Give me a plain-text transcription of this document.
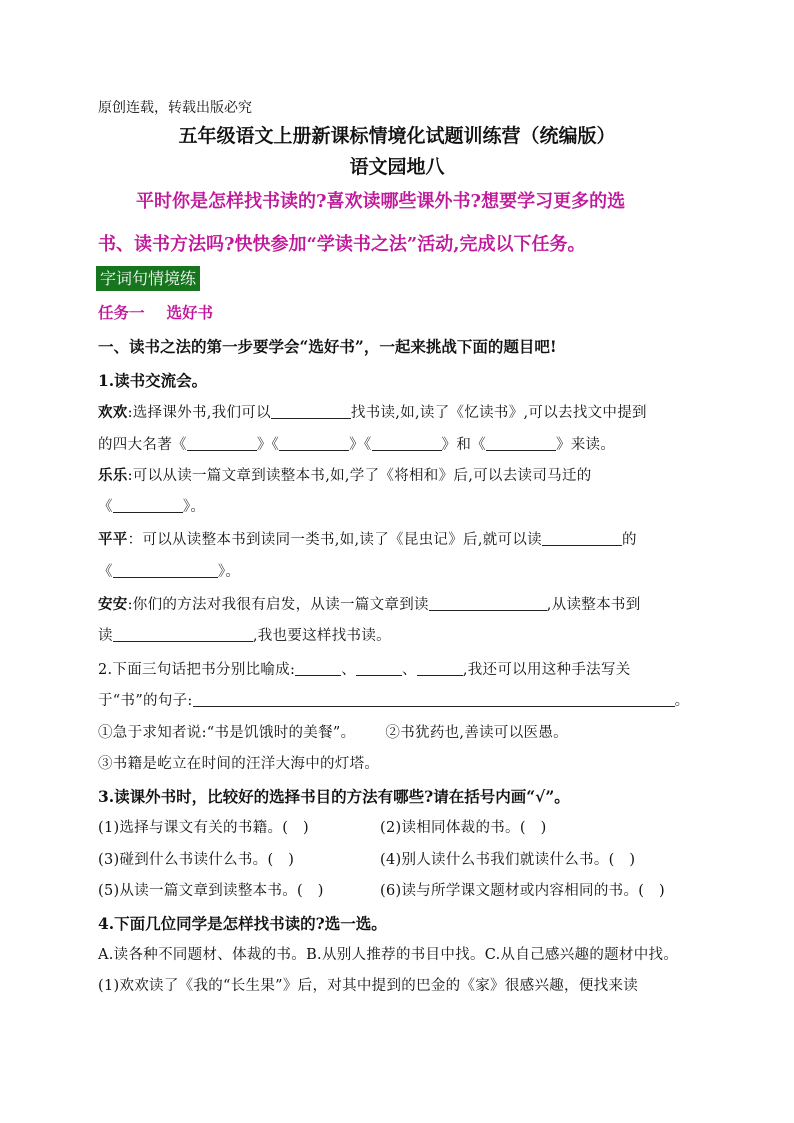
原创连载，转载出版必究
五年级语文上册新课标情境化试题训练营（统编版）
语文园地八
平时你是怎样找书读的?喜欢读哪些课外书?想要学习更多的选
书、读书方法吗?快快参加“学读书之法”活动,完成以下任务。
字词句情境练
任务一 选好书
一、读书之法的第一步要学会“选好书”，一起来挑战下面的题目吧!
1.读书交流会。
欢欢:选择课外书,我们可以	找书读,如,读了《忆读书》,可以去找文中提到
的四大名著《	》《	》《	》和《	》来读。
乐乐:可以从读一篇文章到读整本书,如,学了《将相和》后,可以去读司马迁的
《	》。
平平：可以从读整本书到读同一类书,如,读了《昆虫记》后,就可以读	的
《	》。
安安:你们的方法对我很有启发，从读一篇文章到读	,从读整本书到
读	,我也要这样找书读。
2.下面三句话把书分别比喻成:	、	、	,我还可以用这种手法写关
于“书”的句子:	。
①急于求知者说:“书是饥饿时的美餐”。 ②书犹药也,善读可以医愚。
③书籍是屹立在时间的汪洋大海中的灯塔。
3.读课外书时，比较好的选择书目的方法有哪些?请在括号内画“√”。
(1)选择与课文有关的书籍。(　)	(2)读相同体裁的书。(　)
(3)碰到什么书读什么书。(　)	(4)别人读什么书我们就读什么书。(　)
(5)从读一篇文章到读整本书。(　)	(6)读与所学课文题材或内容相同的书。(　)
4.下面几位同学是怎样找书读的?选一选。
A.读各种不同题材、体裁的书。B.从别人推荐的书目中找。C.从自己感兴趣的题材中找。
(1)欢欢读了《我的“长生果”》后，对其中提到的巴金的《家》很感兴趣，便找来读
